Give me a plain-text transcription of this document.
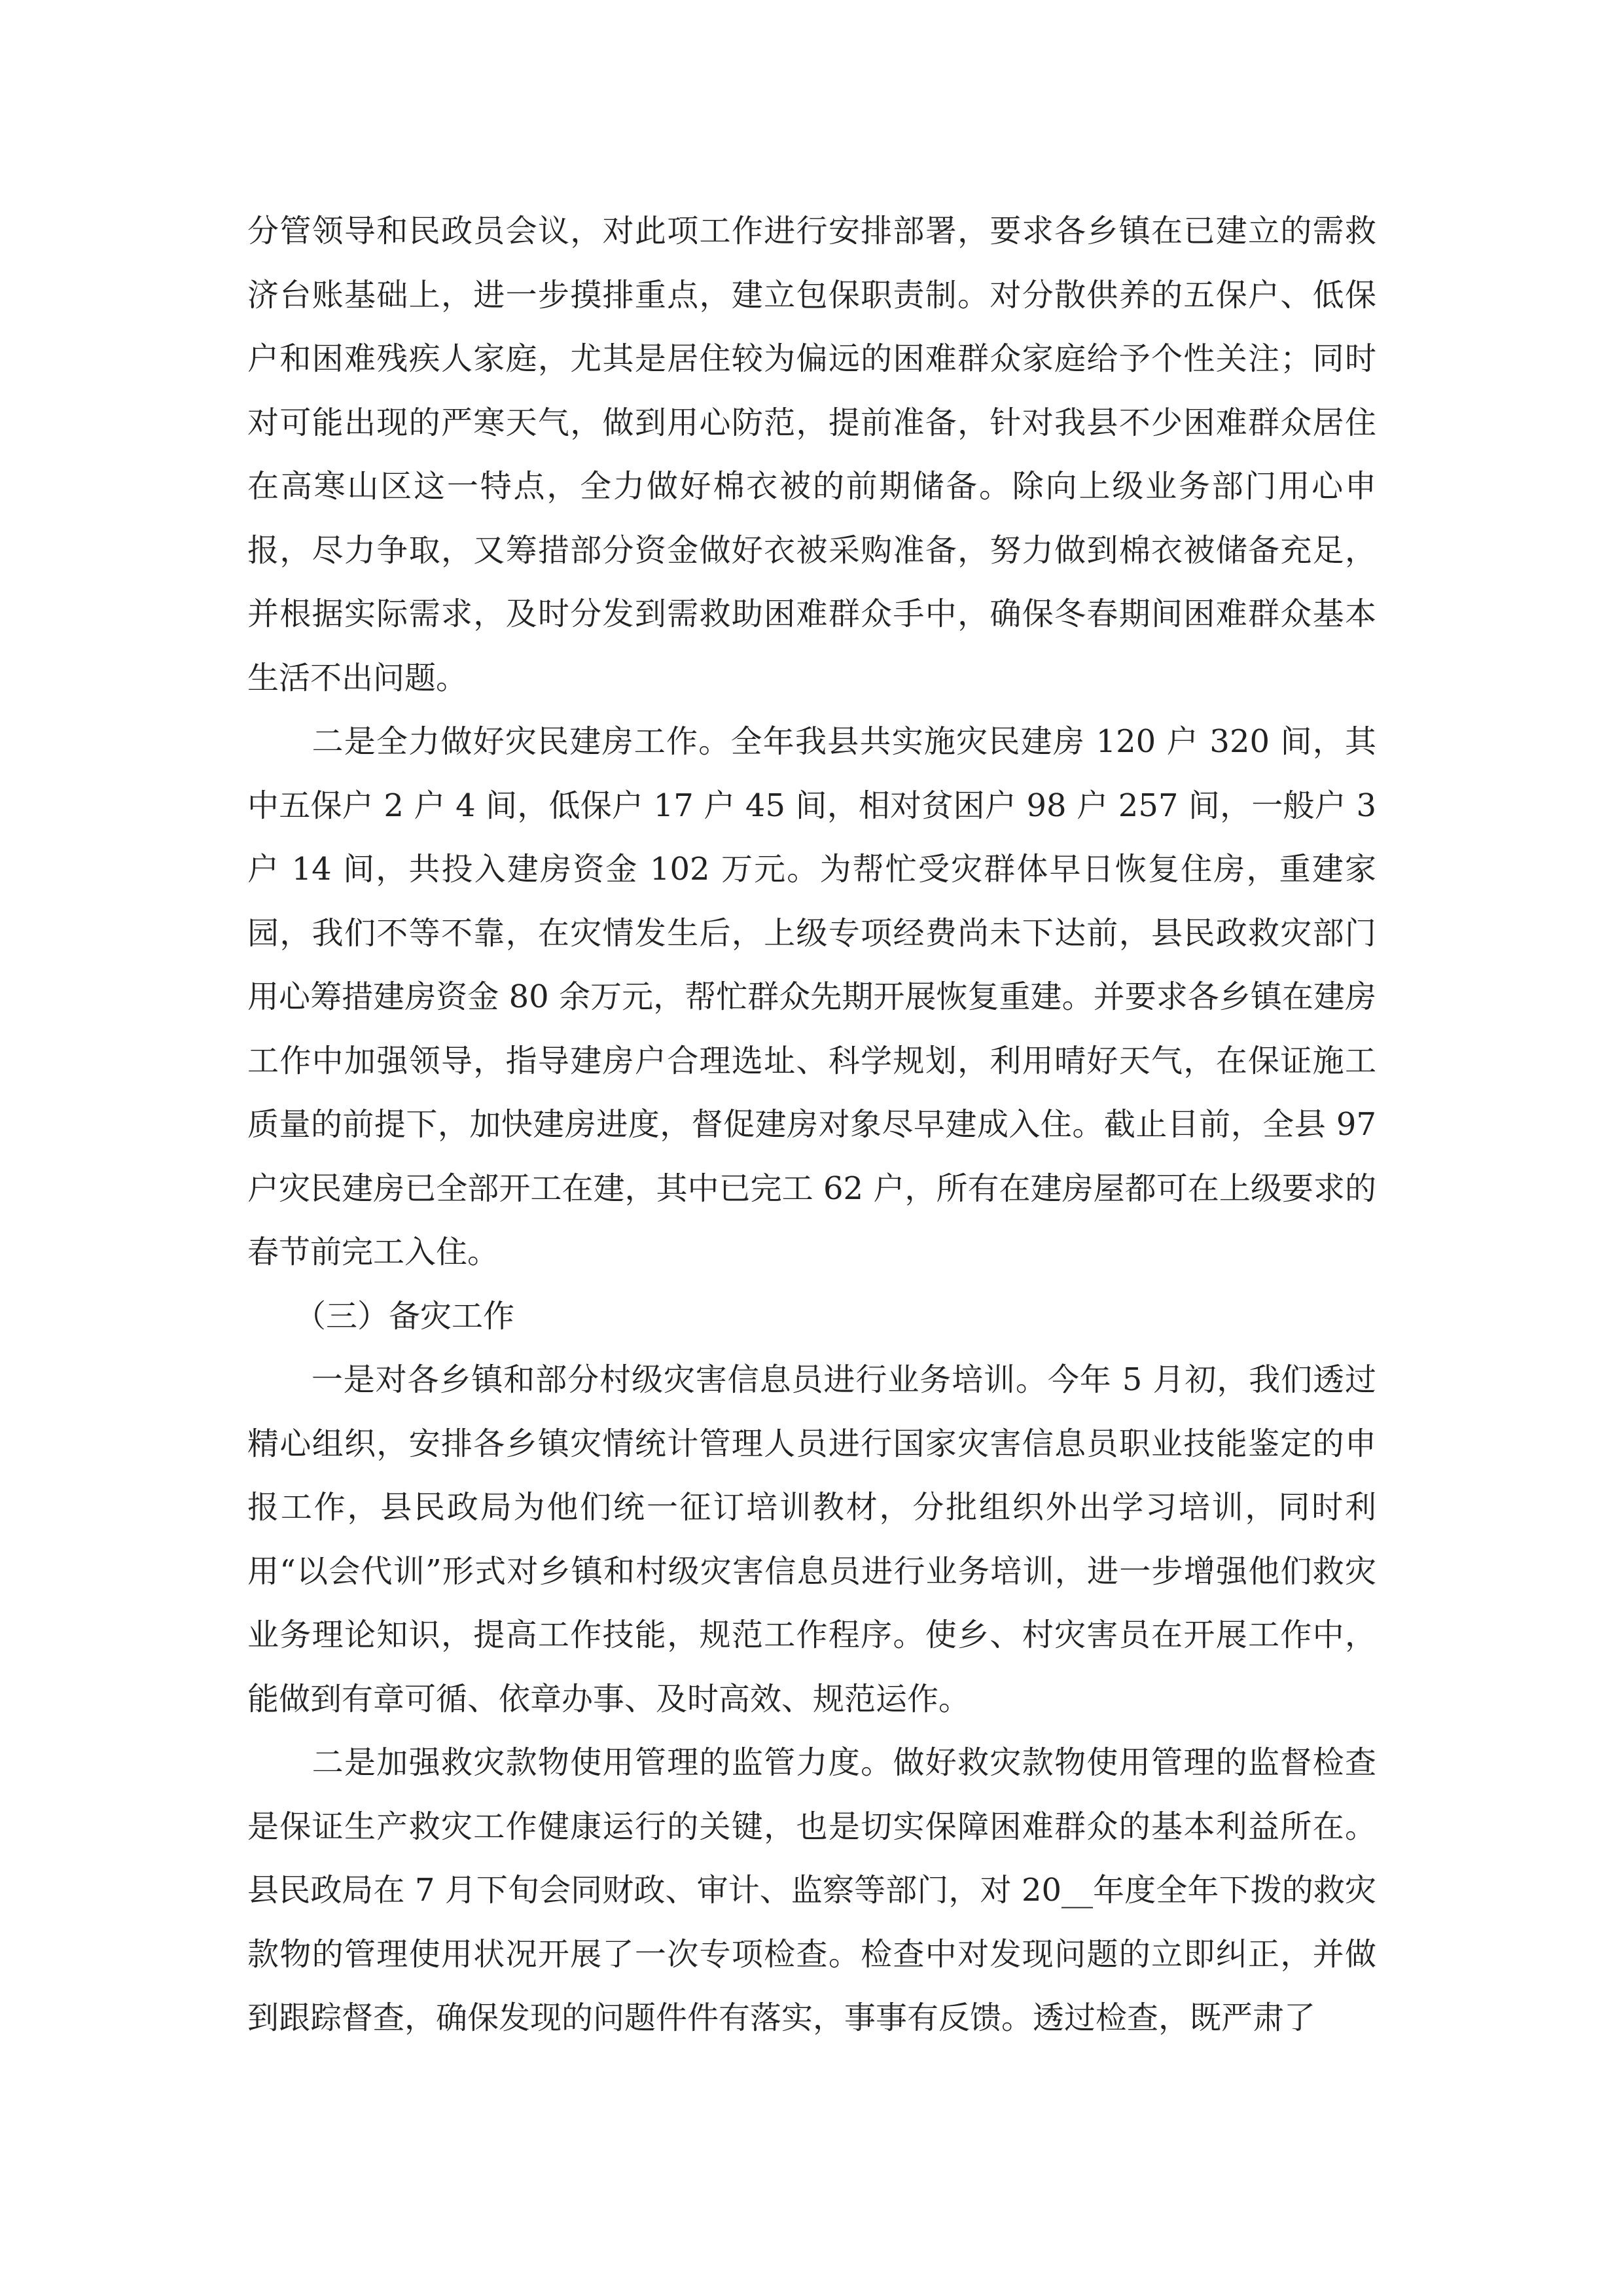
分管领导和民政员会议，对此项工作进行安排部署，要求各乡镇在已建立的需救济台账基础上，进一步摸排重点，建立包保职责制。对分散供养的五保户、低保户和困难残疾人家庭，尤其是居住较为偏远的困难群众家庭给予个性关注；同时对可能出现的严寒天气，做到用心防范，提前准备，针对我县不少困难群众居住在高寒山区这一特点，全力做好棉衣被的前期储备。除向上级业务部门用心申报，尽力争取，又筹措部分资金做好衣被采购准备，努力做到棉衣被储备充足，并根据实际需求，及时分发到需救助困难群众手中，确保冬春期间困难群众基本生活不出问题。

　　二是全力做好灾民建房工作。全年我县共实施灾民建房 120 户 320 间，其中五保户 2 户 4 间，低保户 17 户 45 间，相对贫困户 98 户 257 间，一般户 3 户 14 间，共投入建房资金 102 万元。为帮忙受灾群体早日恢复住房，重建家园，我们不等不靠，在灾情发生后，上级专项经费尚未下达前，县民政救灾部门用心筹措建房资金 80 余万元，帮忙群众先期开展恢复重建。并要求各乡镇在建房工作中加强领导，指导建房户合理选址、科学规划，利用晴好天气，在保证施工质量的前提下，加快建房进度，督促建房对象尽早建成入住。截止目前，全县 97 户灾民建房已全部开工在建，其中已完工 62 户，所有在建房屋都可在上级要求的春节前完工入住。

　　（三）备灾工作

　　一是对各乡镇和部分村级灾害信息员进行业务培训。今年 5 月初，我们透过精心组织，安排各乡镇灾情统计管理人员进行国家灾害信息员职业技能鉴定的申报工作，县民政局为他们统一征订培训教材，分批组织外出学习培训，同时利用“以会代训”形式对乡镇和村级灾害信息员进行业务培训，进一步增强他们救灾业务理论知识，提高工作技能，规范工作程序。使乡、村灾害员在开展工作中，能做到有章可循、依章办事、及时高效、规范运作。

　　二是加强救灾款物使用管理的监管力度。做好救灾款物使用管理的监督检查是保证生产救灾工作健康运行的关键，也是切实保障困难群众的基本利益所在。县民政局在 7 月下旬会同财政、审计、监察等部门，对 20__年度全年下拨的救灾款物的管理使用状况开展了一次专项检查。检查中对发现问题的立即纠正，并做到跟踪督查，确保发现的问题件件有落实，事事有反馈。透过检查，既严肃了
